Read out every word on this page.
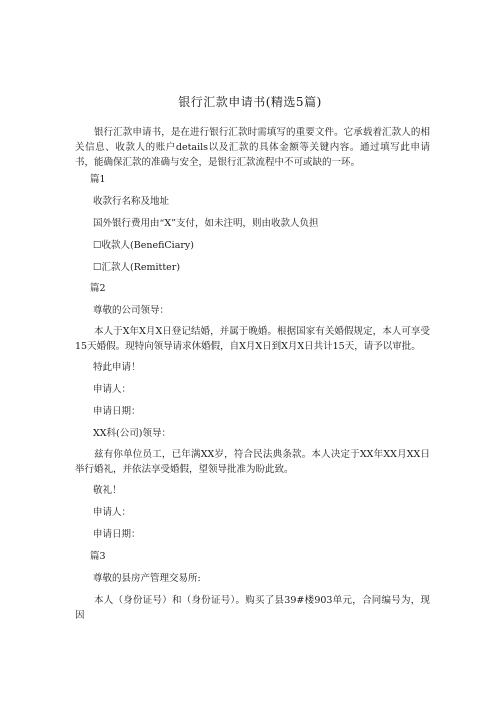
银行汇款申请书(精选5篇)
银行汇款申请书，是在进行银行汇款时需填写的重要文件。它承载着汇款人的相关信息、收款人的账户details以及汇款的具体金额等关键内容。通过填写此申请书，能确保汇款的准确与安全，是银行汇款流程中不可或缺的一环。
篇1
收款行名称及地址
国外银行费用由“X”支付，如未注明，则由收款人负担
☐收款人(BenefiCiary)
☐汇款人(Remitter)
篇2
尊敬的公司领导：
本人于X年X月X日登记结婚，并属于晚婚。根据国家有关婚假规定，本人可享受15天婚假。现特向领导请求休婚假，自X月X日到X月X日共计15天，请予以审批。
特此申请！
申请人：
申请日期：
XX科(公司)领导：
兹有你单位员工，已年满XX岁，符合民法典条款。本人决定于XX年XX月XX日举行婚礼，并依法享受婚假，望领导批准为盼此致。
敬礼！
申请人：
申请日期：
篇3
尊敬的县房产管理交易所:
本人（身份证号）和（身份证号）。购买了县39#楼903单元，合同编号为，现因
